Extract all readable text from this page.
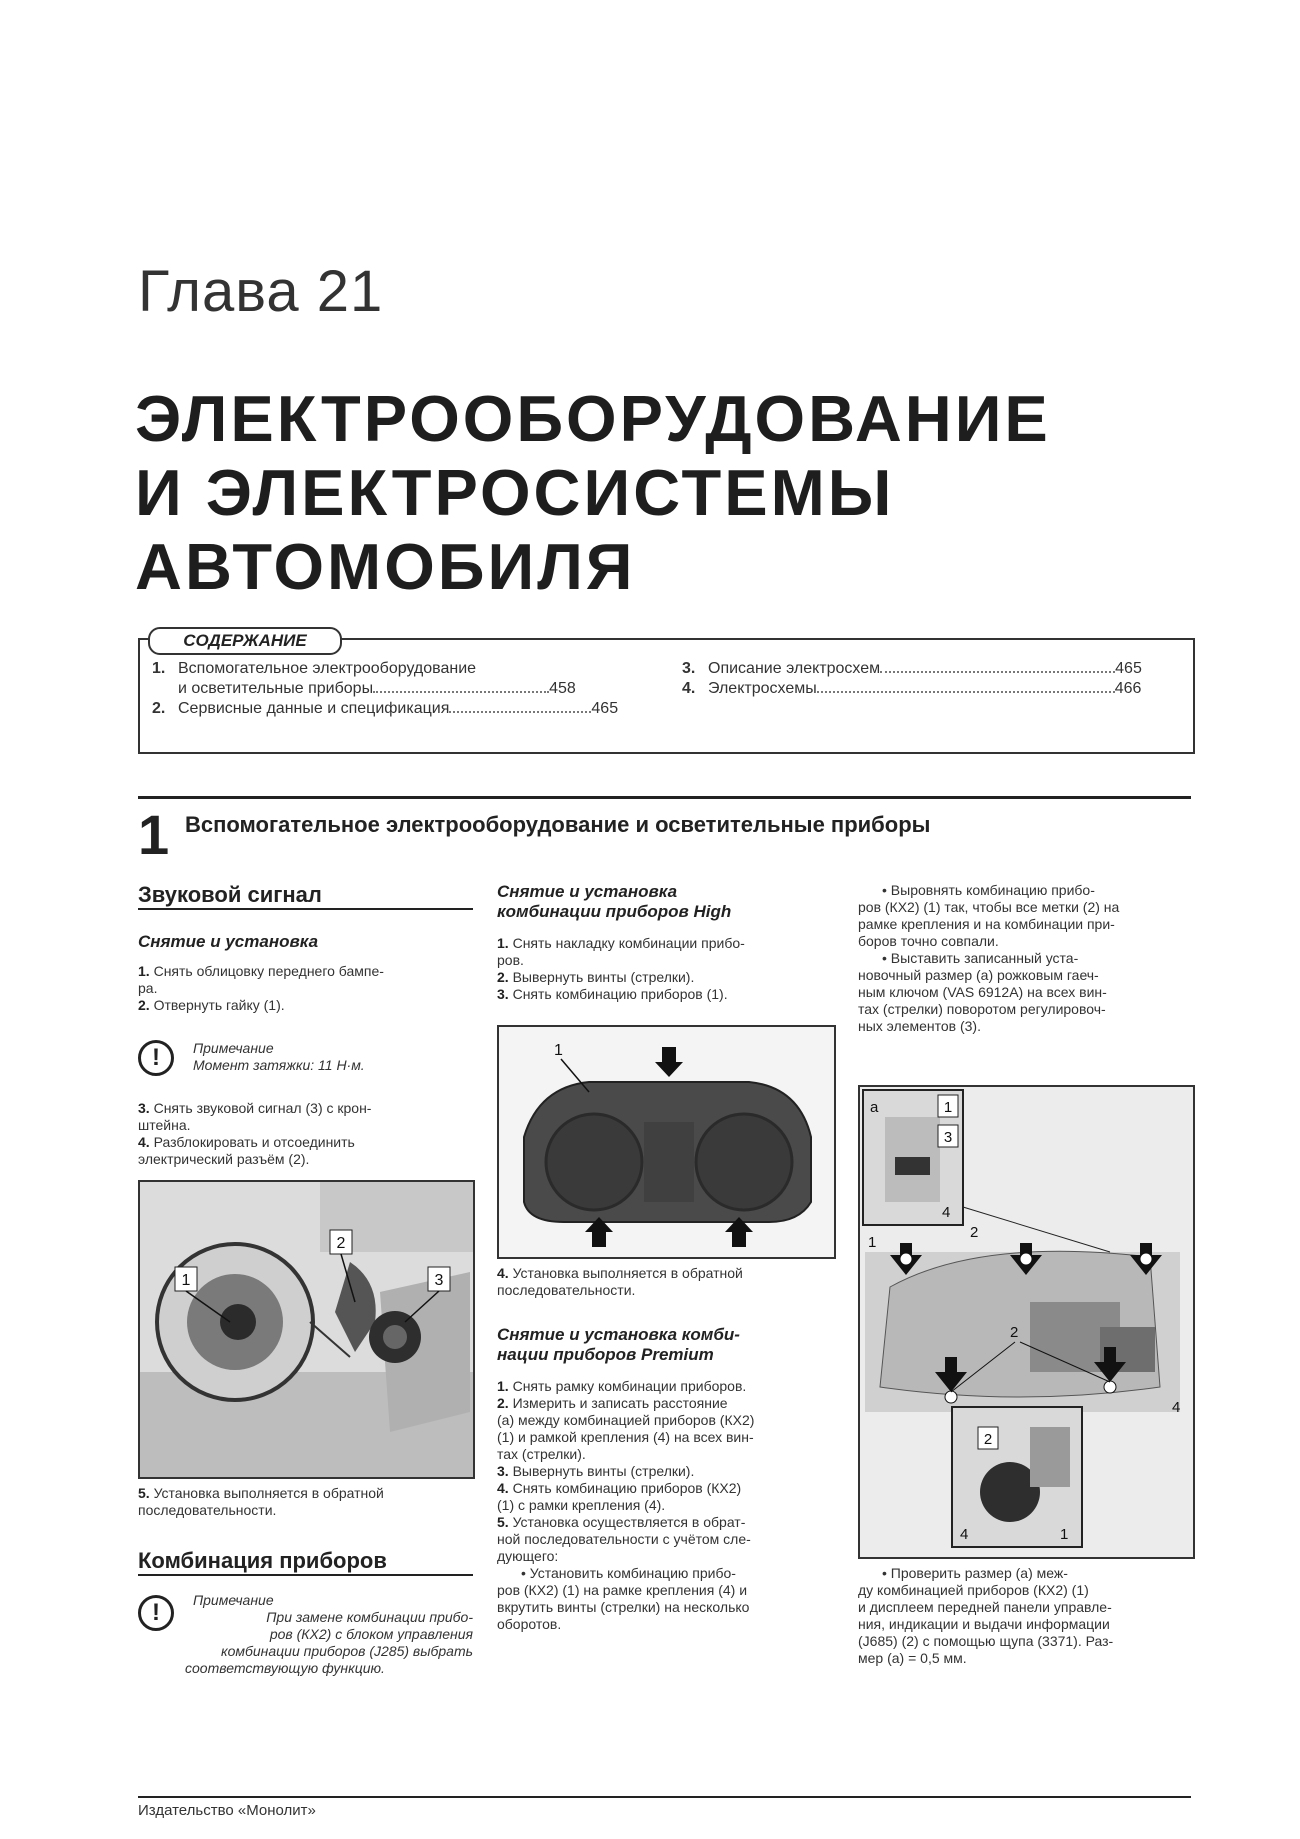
Глава 21
ЭЛЕКТРООБОРУДОВАНИЕ
И ЭЛЕКТРОСИСТЕМЫ
АВТОМОБИЛЯ
СОДЕРЖАНИЕ
1. Вспомогательное электрооборудование
и осветительные приборы	458
2. Сервисные данные и спецификация	465
3. Описание электросхем	465
4. Электросхемы	466
1 Вспомогательное электрооборудование и осветительные приборы
Звуковой сигнал
Снятие и установка
1. Снять облицовку переднего бампе-
ра.
2. Отвернуть гайку (1).
!	Примечание
Момент затяжки: 11 Н·м.
3. Снять звуковой сигнал (3) с крон-
штейна.
4. Разблокировать и отсоединить
электрический разъём (2).
1
2
3
5. Установка выполняется в обратной
последовательности.
Комбинация приборов
!	Примечание
При замене комбинации прибо-
ров (КХ2) с блоком управления
комбинации приборов (J285) выбрать
соответствующую функцию.
Снятие и установка
комбинации приборов High
1. Снять накладку комбинации прибо-
ров.
2. Вывернуть винты (стрелки).
3. Снять комбинацию приборов (1).
1
4. Установка выполняется в обратной
последовательности.
Снятие и установка комби-
нации приборов Premium
1. Снять рамку комбинации приборов.
2. Измерить и записать расстояние
(а) между комбинацией приборов (КХ2)
(1) и рамкой крепления (4) на всех вин-
тах (стрелки).
3. Вывернуть винты (стрелки).
4. Снять комбинацию приборов (КХ2)
(1) с рамки крепления (4).
5. Установка осуществляется в обрат-
ной последовательности с учётом сле-
дующего:
• Установить комбинацию прибо-
ров (КХ2) (1) на рамке крепления (4) и
вкрутить винты (стрелки) на несколько
оборотов.
• Выровнять комбинацию прибо-
ров (КХ2) (1) так, чтобы все метки (2) на
рамке крепления и на комбинации при-
боров точно совпали.
• Выставить записанный уста-
новочный размер (а) рожковым гаеч-
ным ключом (VAS 6912A) на всех вин-
тах (стрелки) поворотом регулировоч-
ных элементов (3).
a	1
3
4
1
2
2
4
2
4	1
• Проверить размер (а) меж-
ду комбинацией приборов (КХ2) (1)
и дисплеем передней панели управле-
ния, индикации и выдачи информации
(J685) (2) с помощью щупа (3371). Раз-
мер (а) = 0,5 мм.
Издательство «Монолит»
